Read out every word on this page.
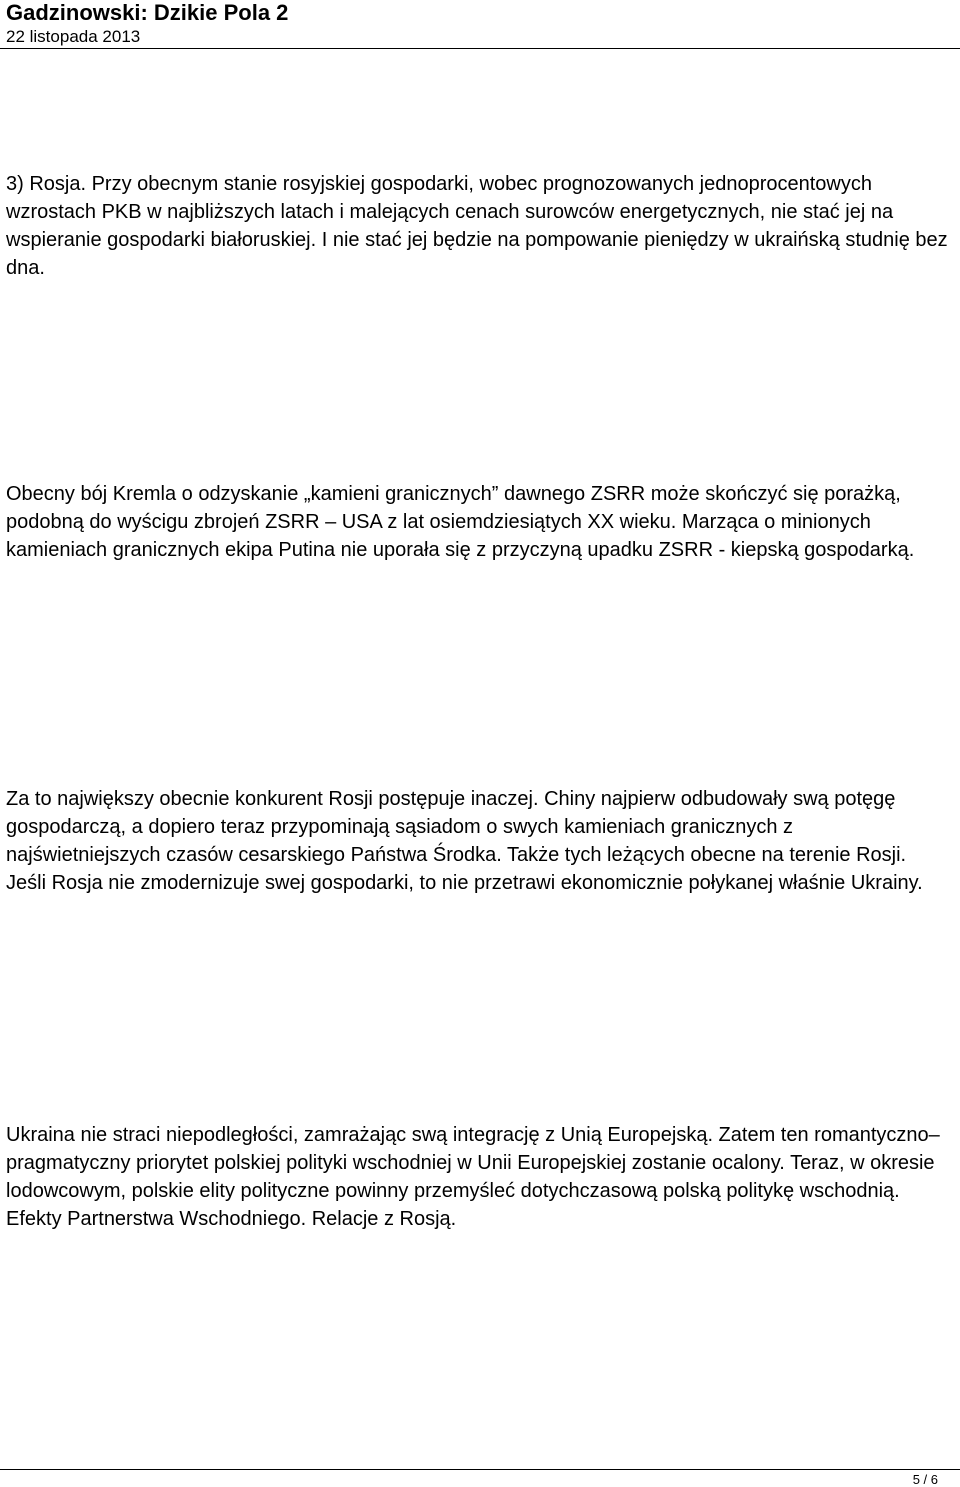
Gadzinowski: Dzikie Pola 2

22 listopada 2013

3) Rosja. Przy obecnym stanie rosyjskiej gospodarki, wobec prognozowanych jednoprocentowych wzrostach PKB w najbliższych latach i malejących cenach surowców energetycznych, nie stać jej na wspieranie gospodarki białoruskiej. I nie stać jej będzie na pompowanie pieniędzy w ukraińską studnię bez dna.

Obecny bój Kremla o odzyskanie „kamieni granicznych” dawnego ZSRR może skończyć się porażką, podobną do wyścigu zbrojeń ZSRR – USA z lat osiemdziesiątych XX wieku. Marząca o minionych kamieniach granicznych ekipa Putina nie uporała się z przyczyną upadku ZSRR - kiepską gospodarką.

Za to największy obecnie konkurent Rosji postępuje inaczej. Chiny najpierw odbudowały swą potęgę gospodarczą, a dopiero teraz przypominają sąsiadom o swych kamieniach granicznych z najświetniejszych czasów cesarskiego Państwa Środka. Także tych leżących obecne na terenie Rosji. Jeśli Rosja nie zmodernizuje swej gospodarki, to nie przetrawi ekonomicznie połykanej właśnie Ukrainy.

Ukraina nie straci niepodległości, zamrażając swą integrację z Unią Europejską. Zatem ten romantyczno–pragmatyczny priorytet polskiej polityki wschodniej w Unii Europejskiej zostanie ocalony. Teraz, w okresie lodowcowym, polskie elity polityczne powinny przemyśleć dotychczasową polską politykę wschodnią. Efekty Partnerstwa Wschodniego. Relacje z Rosją.

5 / 6
